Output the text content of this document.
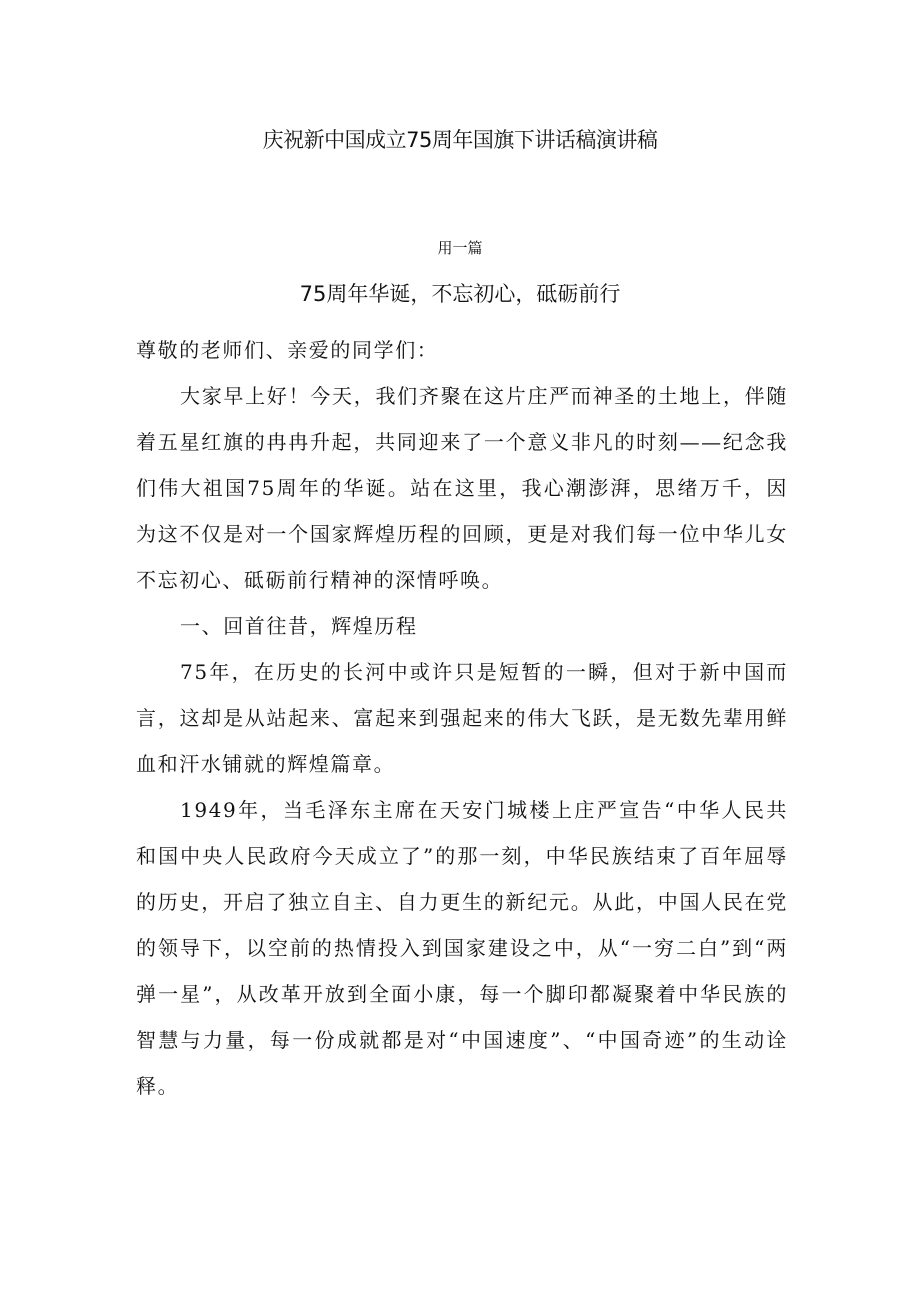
庆祝新中国成立75周年国旗下讲话稿演讲稿
用一篇
75周年华诞，不忘初心，砥砺前行

尊敬的老师们、亲爱的同学们：

大家早上好！今天，我们齐聚在这片庄严而神圣的土地上，伴随着五星红旗的冉冉升起，共同迎来了一个意义非凡的时刻——纪念我们伟大祖国75周年的华诞。站在这里，我心潮澎湃，思绪万千，因为这不仅是对一个国家辉煌历程的回顾，更是对我们每一位中华儿女不忘初心、砥砺前行精神的深情呼唤。

一、回首往昔，辉煌历程

75年，在历史的长河中或许只是短暂的一瞬，但对于新中国而言，这却是从站起来、富起来到强起来的伟大飞跃，是无数先辈用鲜血和汗水铺就的辉煌篇章。

1949年，当毛泽东主席在天安门城楼上庄严宣告“中华人民共和国中央人民政府今天成立了”的那一刻，中华民族结束了百年屈辱的历史，开启了独立自主、自力更生的新纪元。从此，中国人民在党的领导下，以空前的热情投入到国家建设之中，从“一穷二白”到“两弹一星”，从改革开放到全面小康，每一个脚印都凝聚着中华民族的智慧与力量，每一份成就都是对“中国速度”、“中国奇迹”的生动诠释。
